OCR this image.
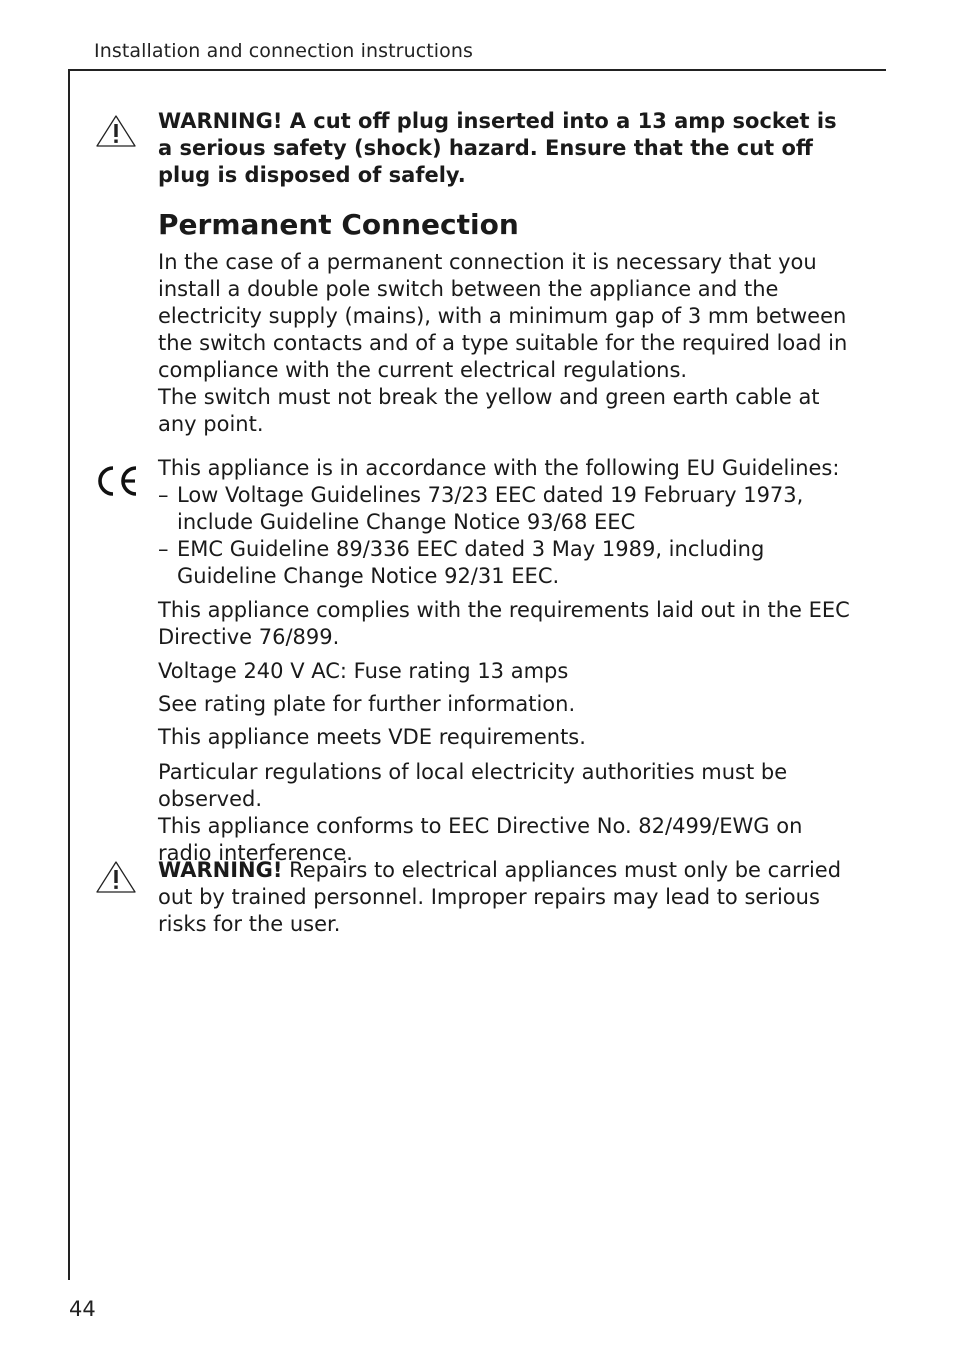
Installation and connection instructions
WARNING! A cut off plug inserted into a 13 amp socket is a serious safety (shock) hazard. Ensure that the cut off plug is disposed of safely.
Permanent Connection

In the case of a permanent connection it is necessary that you install a double pole switch between the appliance and the electricity supply (mains), with a minimum gap of 3 mm between the switch contacts and of a type suitable for the required load in compliance with the current electrical regulations.

The switch must not break the yellow and green earth cable at any point.

This appliance is in accordance with the following EU Guidelines:

– Low Voltage Guidelines 73/23 EEC dated 19 February 1973, include Guideline Change Notice 93/68 EEC
– EMC Guideline 89/336 EEC dated 3 May 1989, including Guideline Change Notice 92/31 EEC.
This appliance complies with the requirements laid out in the EEC Directive 76/899.
Voltage 240 V AC: Fuse rating 13 amps
See rating plate for further information.
This appliance meets VDE requirements.

Particular regulations of local electricity authorities must be observed.

This appliance conforms to EEC Directive No. 82/499/EWG on radio interference.

WARNING! Repairs to electrical appliances must only be carried out by trained personnel. Improper repairs may lead to serious risks for the user.
44
